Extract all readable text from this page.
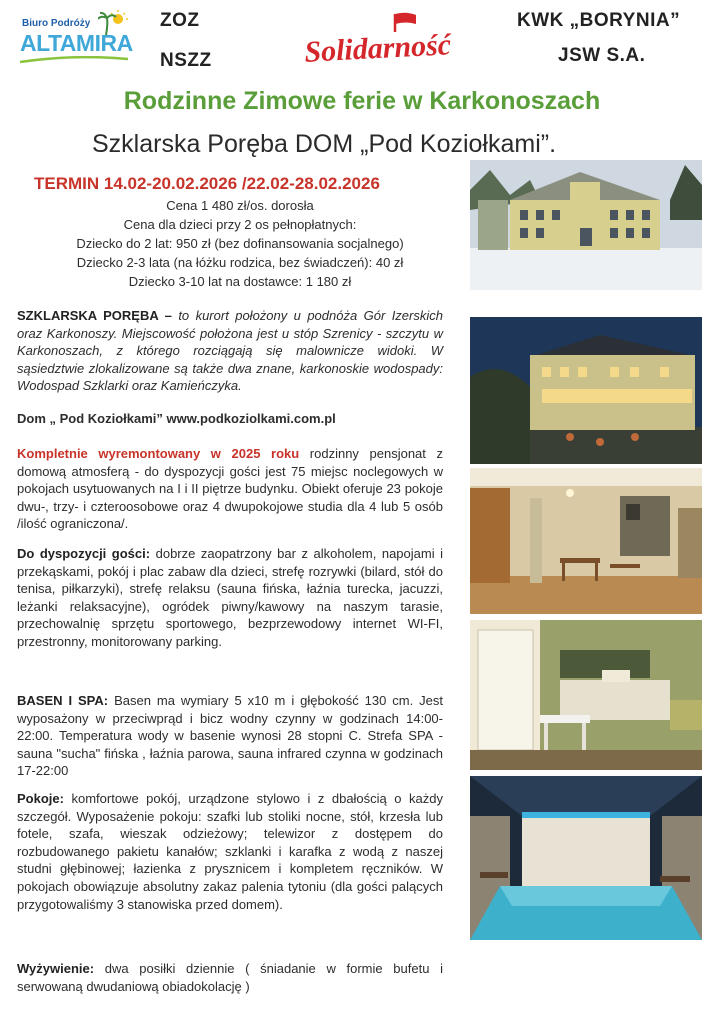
Biuro Podróży
ALTAMIRA
ZOZ
NSZZ	Solidarność
KWK „BORYNIA”
JSW S.A.
Rodzinne Zimowe ferie w Karkonoszach
Szklarska Poręba DOM „Pod Koziołkami”.
TERMIN 14.02-20.02.2026 /22.02-28.02.2026
Cena 1 480 zł/os. dorosła
Cena dla dzieci przy 2 os pełnopłatnych:
Dziecko do 2 lat: 950 zł (bez dofinansowania socjalnego)
Dziecko 2-3 lata (na łóżku rodzica, bez świadczeń): 40 zł
Dziecko 3-10 lat na dostawce: 1 180 zł
SZKLARSKA PORĘBA – to kurort położony u podnóża Gór Izerskich oraz Karkonoszy. Miejscowość położona jest u stóp Szrenicy - szczytu w Karkonoszach, z którego rozciągają się malownicze widoki. W sąsiedztwie zlokalizowane są także dwa znane, karkonoskie wodospady: Wodospad Szklarki oraz Kamieńczyka.
Dom „ Pod Koziołkami” www.podkoziolkami.com.pl
Kompletnie wyremontowany w 2025 roku rodzinny pensjonat z domową atmosferą - do dyspozycji gości jest 75 miejsc noclegowych w pokojach usytuowanych na I i II piętrze budynku. Obiekt oferuje 23 pokoje dwu-, trzy- i czteroosobowe oraz 4 dwupokojowe studia dla 4 lub 5 osób /ilość ograniczona/.
Do dyspozycji gości: dobrze zaopatrzony bar z alkoholem, napojami i przekąskami, pokój i plac zabaw dla dzieci, strefę rozrywki (bilard, stół do tenisa, piłkarzyki), strefę relaksu (sauna fińska, łaźnia turecka, jacuzzi, leżanki relaksacyjne), ogródek piwny/kawowy na naszym tarasie, przechowalnię sprzętu sportowego, bezprzewodowy internet WI-FI, przestronny, monitorowany parking.
BASEN I SPA: Basen ma wymiary 5 x10 m i głębokość 130 cm. Jest wyposażony w przeciwprąd i bicz wodny czynny w godzinach 14:00-22:00. Temperatura wody w basenie wynosi 28 stopni C. Strefa SPA - sauna "sucha" fińska , łaźnia parowa, sauna infrared czynna w godzinach 17-22:00
Pokoje: komfortowe pokój, urządzone stylowo i z dbałością o każdy szczegół. Wyposażenie pokoju: szafki lub stoliki nocne, stół, krzesła lub fotele, szafa, wieszak odzieżowy; telewizor z dostępem do rozbudowanego pakietu kanałów; szklanki i karafka z wodą z naszej studni głębinowej; łazienka z prysznicem i kompletem ręczników. W pokojach obowiązuje absolutny zakaz palenia tytoniu (dla gości palących przygotowaliśmy 3 stanowiska przed domem).
Wyżywienie: dwa posiłki dziennie ( śniadanie w formie bufetu i serwowaną dwudaniową obiadokolację )
